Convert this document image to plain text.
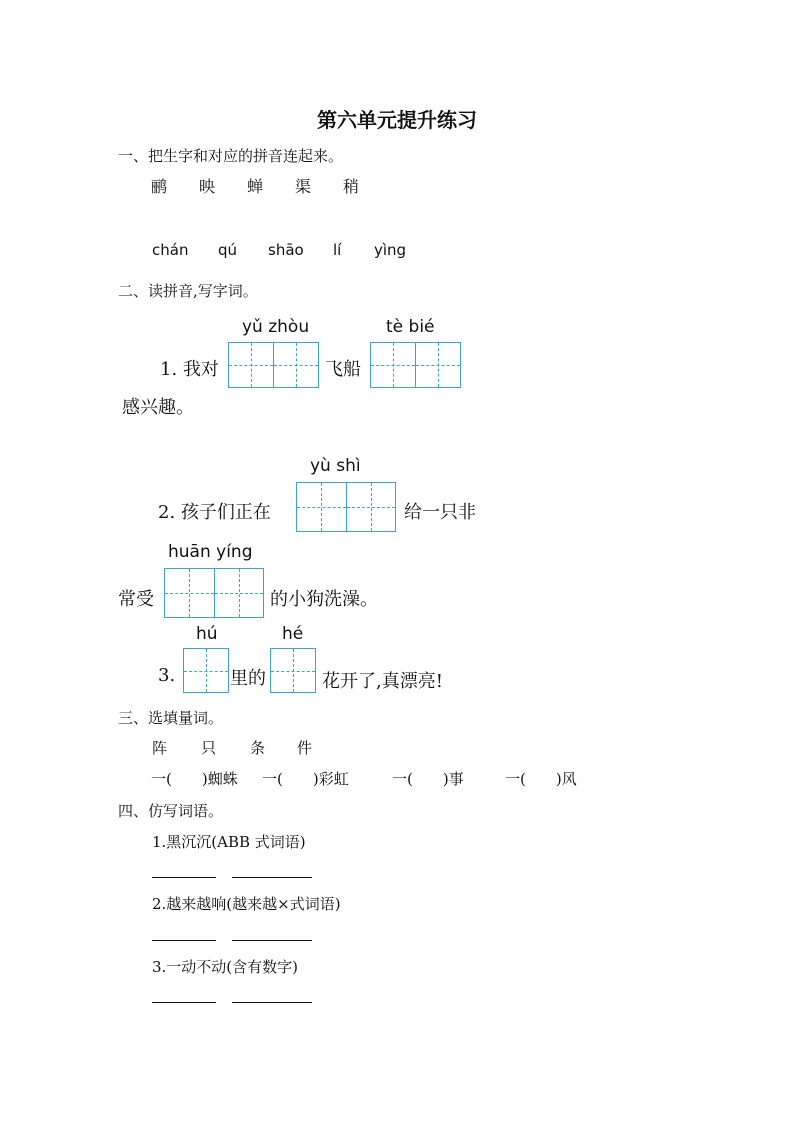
第六单元提升练习
一、把生字和对应的拼音连起来。
鹂 映 蝉 渠 稍
chán qú shāo lí yìng
二、读拼音,写字词。
yǔ zhòu	tè bié
1. 我对	飞船
感兴趣。
yù shì
2. 孩子们正在	给一只非
huān yíng
常受	的小狗洗澡。
hú	hé
3.	里的	花开了,真漂亮!
三、选填量词。
阵 只 条 件
一(　　)蜘蛛 一(　　)彩虹	一(　　)事	一(　　)风
四、仿写词语。
1.黑沉沉(ABB 式词语)
2.越来越响(越来越×式词语)
3.一动不动(含有数字)
